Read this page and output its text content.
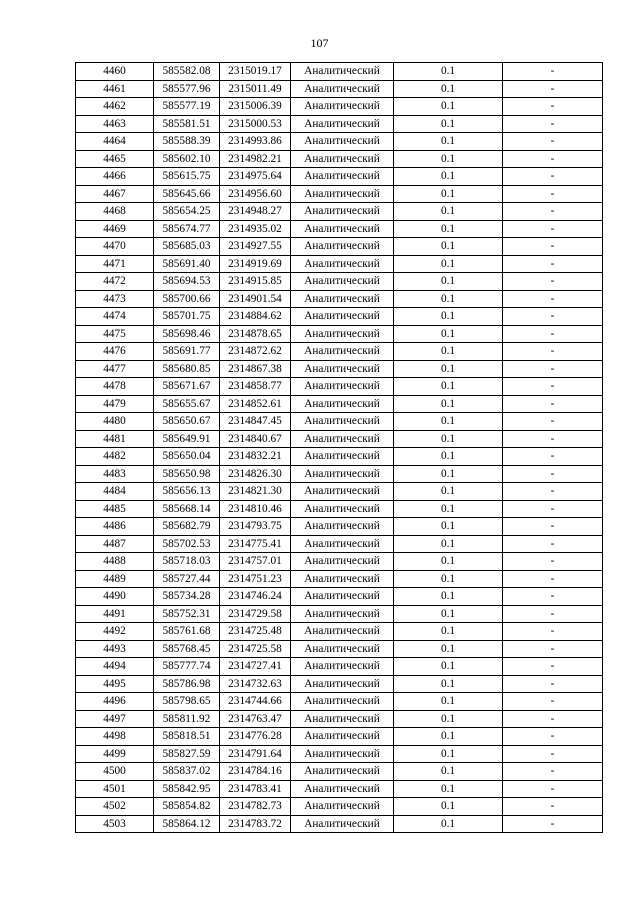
107
4460	585582.08	2315019.17	Аналитический	0.1	-
4461	585577.96	2315011.49	Аналитический	0.1	-
4462	585577.19	2315006.39	Аналитический	0.1	-
4463	585581.51	2315000.53	Аналитический	0.1	-
4464	585588.39	2314993.86	Аналитический	0.1	-
4465	585602.10	2314982.21	Аналитический	0.1	-
4466	585615.75	2314975.64	Аналитический	0.1	-
4467	585645.66	2314956.60	Аналитический	0.1	-
4468	585654.25	2314948.27	Аналитический	0.1	-
4469	585674.77	2314935.02	Аналитический	0.1	-
4470	585685.03	2314927.55	Аналитический	0.1	-
4471	585691.40	2314919.69	Аналитический	0.1	-
4472	585694.53	2314915.85	Аналитический	0.1	-
4473	585700.66	2314901.54	Аналитический	0.1	-
4474	585701.75	2314884.62	Аналитический	0.1	-
4475	585698.46	2314878.65	Аналитический	0.1	-
4476	585691.77	2314872.62	Аналитический	0.1	-
4477	585680.85	2314867.38	Аналитический	0.1	-
4478	585671.67	2314858.77	Аналитический	0.1	-
4479	585655.67	2314852.61	Аналитический	0.1	-
4480	585650.67	2314847.45	Аналитический	0.1	-
4481	585649.91	2314840.67	Аналитический	0.1	-
4482	585650.04	2314832.21	Аналитический	0.1	-
4483	585650.98	2314826.30	Аналитический	0.1	-
4484	585656.13	2314821.30	Аналитический	0.1	-
4485	585668.14	2314810.46	Аналитический	0.1	-
4486	585682.79	2314793.75	Аналитический	0.1	-
4487	585702.53	2314775.41	Аналитический	0.1	-
4488	585718.03	2314757.01	Аналитический	0.1	-
4489	585727.44	2314751.23	Аналитический	0.1	-
4490	585734.28	2314746.24	Аналитический	0.1	-
4491	585752.31	2314729.58	Аналитический	0.1	-
4492	585761.68	2314725.48	Аналитический	0.1	-
4493	585768.45	2314725.58	Аналитический	0.1	-
4494	585777.74	2314727.41	Аналитический	0.1	-
4495	585786.98	2314732.63	Аналитический	0.1	-
4496	585798.65	2314744.66	Аналитический	0.1	-
4497	585811.92	2314763.47	Аналитический	0.1	-
4498	585818.51	2314776.28	Аналитический	0.1	-
4499	585827.59	2314791.64	Аналитический	0.1	-
4500	585837.02	2314784.16	Аналитический	0.1	-
4501	585842.95	2314783.41	Аналитический	0.1	-
4502	585854.82	2314782.73	Аналитический	0.1	-
4503	585864.12	2314783.72	Аналитический	0.1	-
